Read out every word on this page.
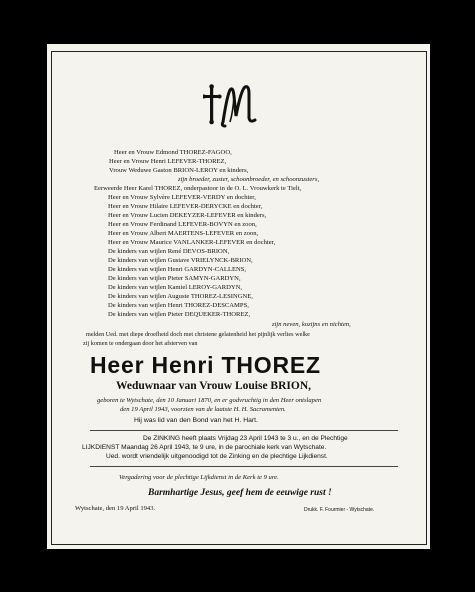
Heer en Vrouw Edmond THOREZ-FAGOO,
Heer en Vrouw Henri LEFEVER-THOREZ,
Vrouw Weduwe Gaston BRION-LEROY en kinders,
zijn broeder, zuster, schoonbroeder, en schoonzusters,
Eerweerde Heer Karel THOREZ, onderpastoor in de O. L. Vrouwkerk te Tielt,
Heer en Vrouw Sylvère LEFEVER-VERDY en dochter,
Heer en Vrouw Hilaire LEFEVER-DERYCKE en dochter,
Heer en Vrouw Lucien DEKEYZER-LEFEVER en kinders,
Heer en Vrouw Ferdinand LEFEVER-BOVYN en zoon,
Heer en Vrouw Albert MAERTENS-LEFEVER en zoon,
Heer en Vrouw Maurice VANLANKER-LEFEVER en dochter,
De kinders van wijlen René DEVOS-BRION,
De kinders van wijlen Gustave VRIELYNCK-BRION,
De kinders van wijlen Henri GARDYN-CALLENS,
De kinders van wijlen Pieter SAMYN-GARDYN,
De kinders van wijlen Kamiel LEROY-GARDYN,
De kinders van wijlen Auguste THOREZ-LESINGNE,
De kinders van wijlen Henri THOREZ-DESCAMPS,
De kinders van wijlen Pieter DEQUEKER-THOREZ,
zijn neven, kozijns en nichten,
melden Ued. met diepe droefheid doch met christene gelatenheid het pijnlijk verlies welke
zij komen te ondergaan door het afsterven van
Heer Henri THOREZ
Weduwnaar van Vrouw Louise BRION,
geboren te Wytschate, den 10 Januari 1870, en er godvruchtig in den Heer ontslapen
den 19 April 1943, voorzien van de laatste H. H. Sacramenten.
Hij was lid van den Bond van het H. Hart.
De ZINKING heeft plaats Vrijdag 23 April 1943 te 3 u., en de Plechtige
LIJKDIENST Maandag 26 April 1943, te 9 ure, in de parochiale kerk van Wytschate.
Ued. wordt vriendelijk uitgenoodigd tot de Zinking en de plechtige Lijkdienst.
Vergadering voor de plechtige Lijkdienst in de Kerk te 9 ure.
Barmhartige Jesus, geef hem de eeuwige rust !
Wytschate, den 19 April 1943.	Drukk. F. Fourmier - Wytschate.
